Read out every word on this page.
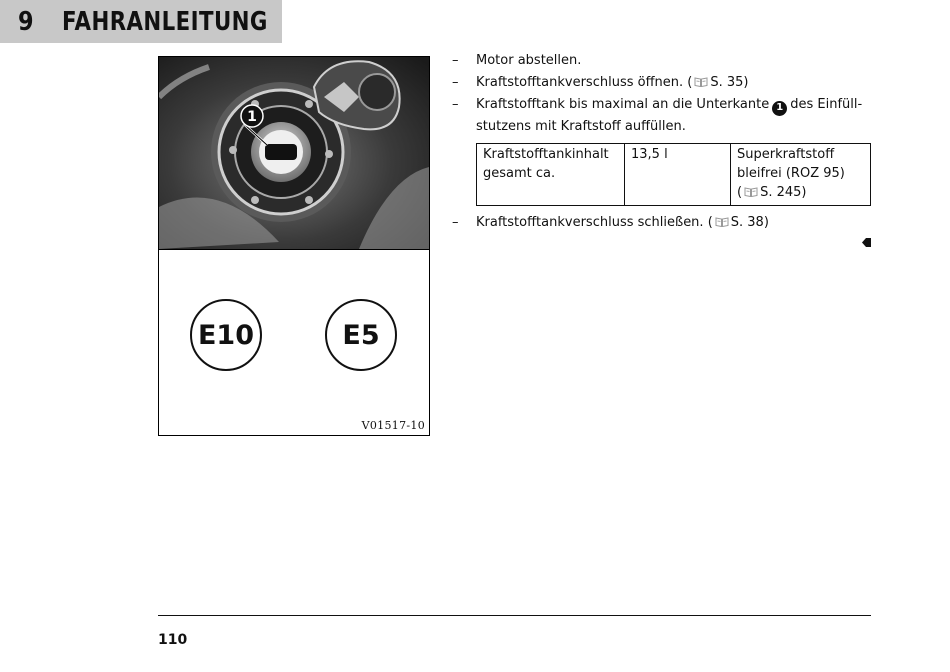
9 FAHRANLEITUNG
1
E10	E5
V01517-10
– Motor abstellen.
– Kraftstofftankverschluss öffnen. ( S. 35)
– Kraftstofftank bis maximal an die Unterkante 1 des Einfüll-
stutzens mit Kraftstoff auffüllen.
Kraftstofftankinhalt
gesamt ca.	13,5 l	Superkraftstoff
bleifrei (ROZ 95)
( S. 245)
– Kraftstofftankverschluss schließen. ( S. 38)
110
